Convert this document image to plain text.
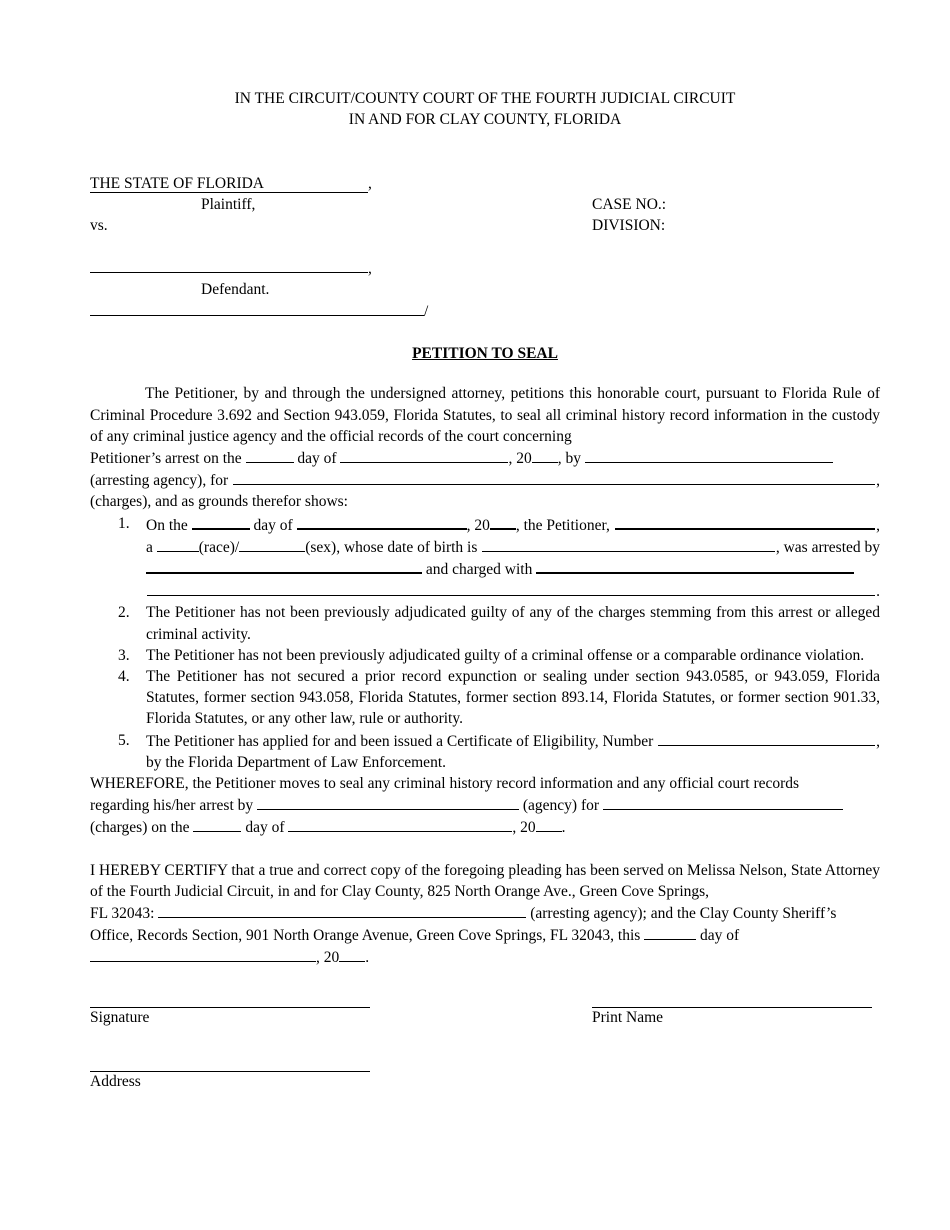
IN THE CIRCUIT/COUNTY COURT OF THE FOURTH JUDICIAL CIRCUIT
IN AND FOR CLAY COUNTY, FLORIDA
THE STATE OF FLORIDA	,
Plaintiff,
vs.
CASE NO.:
DIVISION:
,
Defendant.
/
PETITION TO SEAL
The Petitioner, by and through the undersigned attorney, petitions this honorable court, pursuant to Florida Rule of Criminal Procedure 3.692 and Section 943.059, Florida Statutes, to seal all criminal history record information in the custody of any criminal justice agency and the official records of the court concerning
Petitioner’s arrest on the	day of	, 20 , by
(arresting agency), for
	,
(charges), and as grounds therefor shows:
1. On the

	day of
	, 20 , the Petitioner,
	,
a
	(race)/	(sex), whose date of birth is
	, was arrested by
and charged with
.
2. The Petitioner has not been previously adjudicated guilty of any of the charges stemming from this arrest or alleged criminal activity.
3. The Petitioner has not been previously adjudicated guilty of a criminal offense or a comparable ordinance violation.
4. The Petitioner has not secured a prior record expunction or sealing under section 943.0585, or 943.059, Florida Statutes, former section 943.058, Florida Statutes, former section 893.14, Florida Statutes, or former section 901.33, Florida Statutes, or any other law, rule or authority.
5. The Petitioner has applied for and been issued a Certificate of Eligibility, Number
	,
by the Florida Department of Law Enforcement.
WHEREFORE, the Petitioner moves to seal any criminal history record information and any official court records
regarding his/her arrest by	(agency) for
(charges) on the	day of	, 20 .
I HEREBY CERTIFY that a true and correct copy of the foregoing pleading has been served on Melissa Nelson, State Attorney of the Fourth Judicial Circuit, in and for Clay County, 825 North Orange Ave., Green Cove Springs,
FL 32043:	(arresting agency); and the Clay County Sheriff’s
Office, Records Section, 901 North Orange Avenue, Green Cove Springs, FL 32043, this	day of
, 20 .
Signature	Print Name
Address
